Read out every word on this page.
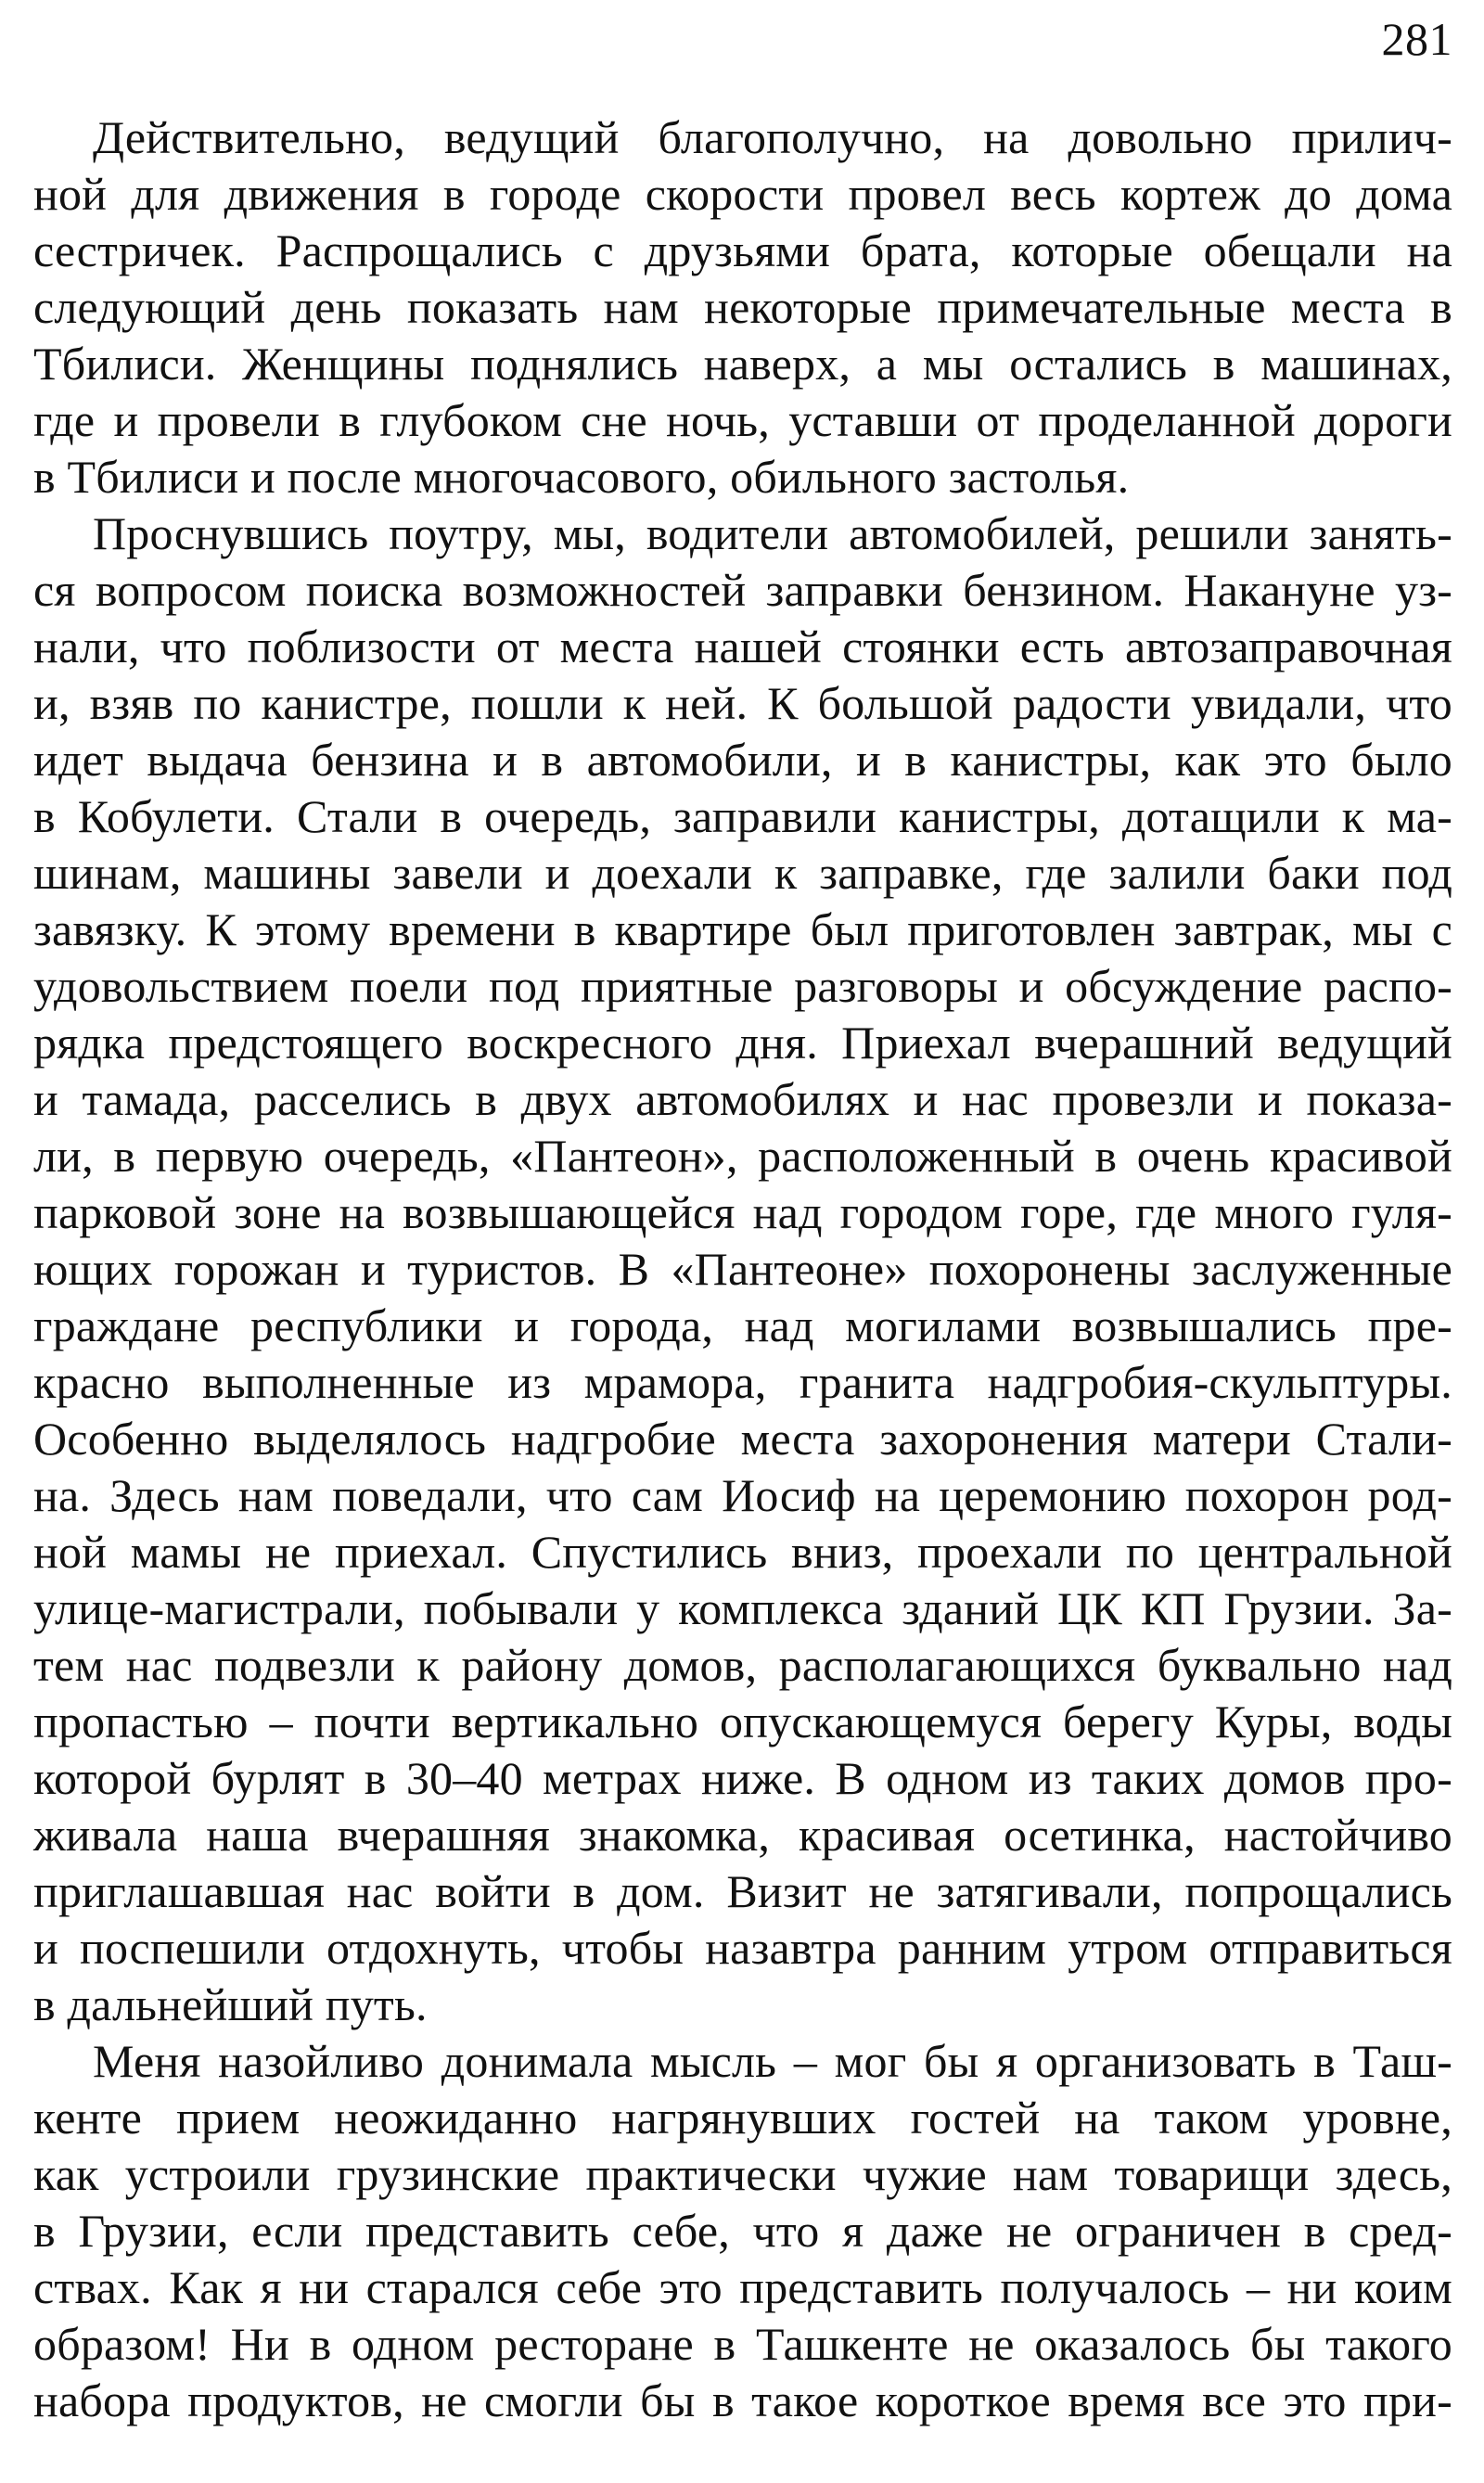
281
Действительно, ведущий благополучно, на довольно прилич-
ной для движения в городе скорости провел весь кортеж до дома
сестричек. Распрощались с друзьями брата, которые обещали на
следующий день показать нам некоторые примечательные места в
Тбилиси. Женщины поднялись наверх, а мы остались в машинах,
где и провели в глубоком сне ночь, уставши от проделанной дороги
в Тбилиси и после многочасового, обильного застолья.
Проснувшись поутру, мы, водители автомобилей, решили занять-
ся вопросом поиска возможностей заправки бензином. Накануне уз-
нали, что поблизости от места нашей стоянки есть автозаправочная
и, взяв по канистре, пошли к ней. К большой радости увидали, что
идет выдача бензина и в автомобили, и в канистры, как это было
в Кобулети. Стали в очередь, заправили канистры, дотащили к ма-
шинам, машины завели и доехали к заправке, где залили баки под
завязку. К этому времени в квартире был приготовлен завтрак, мы с
удовольствием поели под приятные разговоры и обсуждение распо-
рядка предстоящего воскресного дня. Приехал вчерашний ведущий
и тамада, расселись в двух автомобилях и нас провезли и показа-
ли, в первую очередь, «Пантеон», расположенный в очень красивой
парковой зоне на возвышающейся над городом горе, где много гуля-
ющих горожан и туристов. В «Пантеоне» похоронены заслуженные
граждане республики и города, над могилами возвышались пре-
красно выполненные из мрамора, гранита надгробия-скульптуры.
Особенно выделялось надгробие места захоронения матери Стали-
на. Здесь нам поведали, что сам Иосиф на церемонию похорон род-
ной мамы не приехал. Спустились вниз, проехали по центральной
улице-магистрали, побывали у комплекса зданий ЦК КП Грузии. За-
тем нас подвезли к району домов, располагающихся буквально над
пропастью – почти вертикально опускающемуся берегу Куры, воды
которой бурлят в 30–40 метрах ниже. В одном из таких домов про-
живала наша вчерашняя знакомка, красивая осетинка, настойчиво
приглашавшая нас войти в дом. Визит не затягивали, попрощались
и поспешили отдохнуть, чтобы назавтра ранним утром отправиться
в дальнейший путь.
Меня назойливо донимала мысль – мог бы я организовать в Таш-
кенте прием неожиданно нагрянувших гостей на таком уровне,
как устроили грузинские практически чужие нам товарищи здесь,
в Грузии, если представить себе, что я даже не ограничен в сред-
ствах. Как я ни старался себе это представить получалось – ни коим
образом! Ни в одном ресторане в Ташкенте не оказалось бы такого
набора продуктов, не смогли бы в такое короткое время все это при-
